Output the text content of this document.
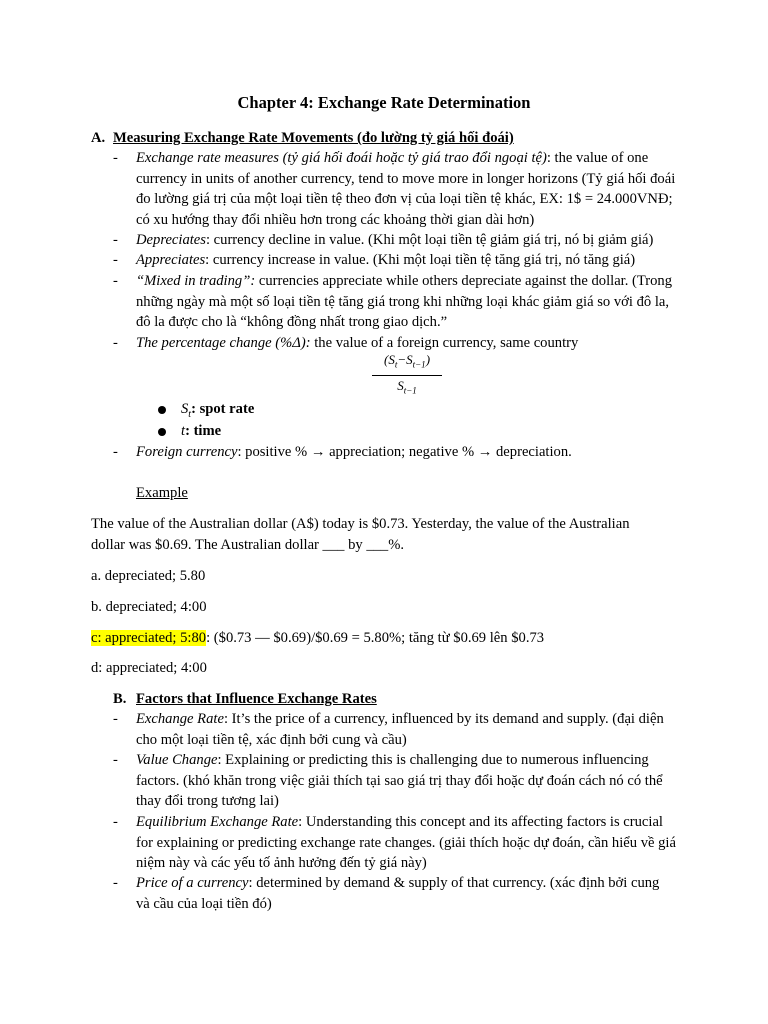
Chapter 4: Exchange Rate Determination
A. Measuring Exchange Rate Movements (đo lường tỷ giá hối đoái)
- Exchange rate measures (tỷ giá hối đoái hoặc tỷ giá trao đổi ngoại tệ): the value of one currency in units of another currency, tend to move more in longer horizons (Tỷ giá hối đoái đo lường giá trị của một loại tiền tệ theo đơn vị của loại tiền tệ khác, EX: 1$ = 24.000VNĐ; có xu hướng thay đổi nhiều hơn trong các khoảng thời gian dài hơn)
- Depreciates: currency decline in value. (Khi một loại tiền tệ giảm giá trị, nó bị giảm giá)
- Appreciates: currency increase in value. (Khi một loại tiền tệ tăng giá trị, nó tăng giá)
- “Mixed in trading”: currencies appreciate while others depreciate against the dollar. (Trong những ngày mà một số loại tiền tệ tăng giá trong khi những loại khác giảm giá so với đô la, đô la được cho là “không đồng nhất trong giao dịch.”
- The percentage change (%Δ): the value of a foreign currency, same country
$\frac{(S_t-S_{t-1})}{S_{t-1}}$
$S_t$: spot rate
t: time
- Foreign currency: positive % → appreciation; negative % → depreciation.
Example
The value of the Australian dollar (A$) today is $0.73. Yesterday, the value of the Australian dollar was $0.69. The Australian dollar ___ by ___%.
a. depreciated; 5.80
b. depreciated; 4:00
c: appreciated; 5:80: ($0.73 — $0.69)/$0.69 = 5.80%; tăng từ $0.69 lên $0.73
d: appreciated; 4:00
B. Factors that Influence Exchange Rates
- Exchange Rate: It’s the price of a currency, influenced by its demand and supply. (đại diện cho một loại tiền tệ, xác định bởi cung và cầu)
- Value Change: Explaining or predicting this is challenging due to numerous influencing factors. (khó khăn trong việc giải thích tại sao giá trị thay đổi hoặc dự đoán cách nó có thể thay đổi trong tương lai)
- Equilibrium Exchange Rate: Understanding this concept and its affecting factors is crucial for explaining or predicting exchange rate changes. (giải thích hoặc dự đoán, cần hiểu về giá niệm này và các yếu tố ảnh hưởng đến tỷ giá này)
- Price of a currency: determined by demand & supply of that currency. (xác định bởi cung và cầu của loại tiền đó)
